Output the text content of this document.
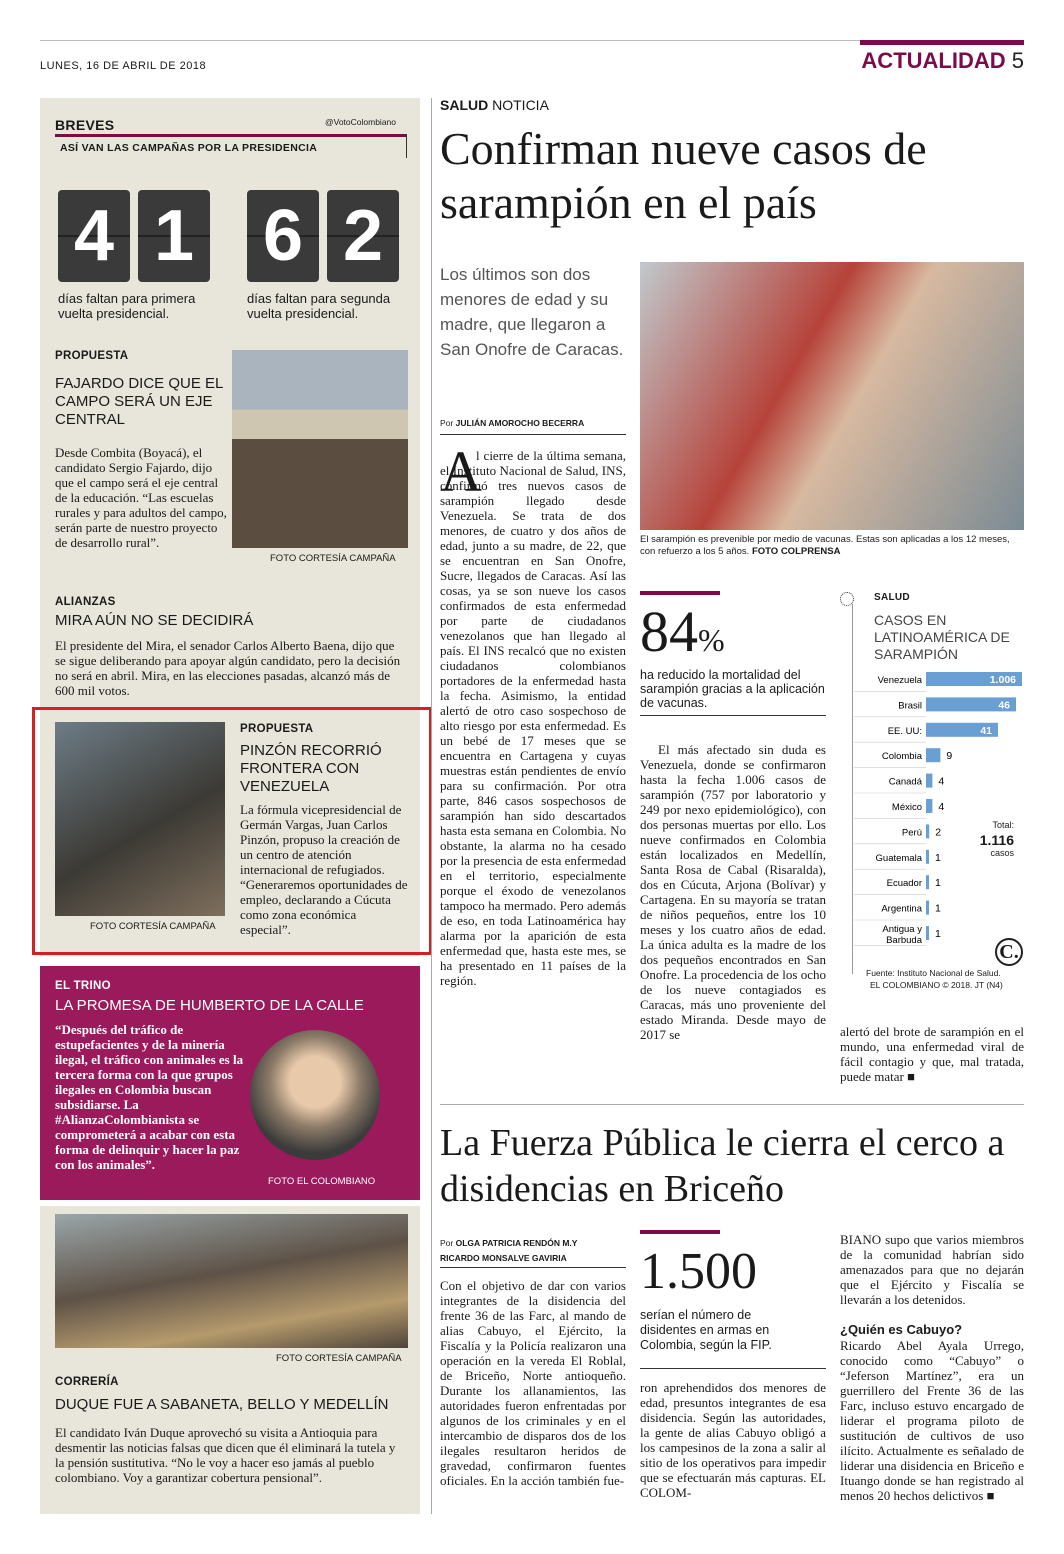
LUNES, 16 DE ABRIL DE 2018	ACTUALIDAD 5
BREVES	@VotoColombiano
ASÍ VAN LAS CAMPAÑAS POR LA PRESIDENCIA
4 1
días faltan para primera vuelta presidencial.
6 2
días faltan para segunda vuelta presidencial.
PROPUESTA
FAJARDO DICE QUE EL CAMPO SERÁ UN EJE CENTRAL
Desde Combita (Boyacá), el candidato Sergio Fajardo, dijo que el campo será el eje central de la educación. “Las escuelas rurales y para adultos del campo, serán parte de nuestro proyecto de desarrollo rural”.
FOTO CORTESÍA CAMPAÑA
ALIANZAS
MIRA AÚN NO SE DECIDIRÁ
El presidente del Mira, el senador Carlos Alberto Baena, dijo que se sigue deliberando para apoyar algún candidato, pero la decisión no será en abril. Mira, en las elecciones pasadas, alcanzó más de 600 mil votos.
FOTO CORTESÍA CAMPAÑA
PROPUESTA
PINZÓN RECORRIÓ FRONTERA CON VENEZUELA
La fórmula vicepresidencial de Germán Vargas, Juan Carlos Pinzón, propuso la creación de un centro de atención internacional de refugiados. “Generaremos oportunidades de empleo, declarando a Cúcuta como zona económica especial”.
EL TRINO
LA PROMESA DE HUMBERTO DE LA CALLE
“Después del tráfico de estupefacientes y de la minería ilegal, el tráfico con animales es la tercera forma con la que grupos ilegales en Colombia buscan subsidiarse. La #AlianzaColombianista se comprometerá a acabar con esta forma de delinquir y hacer la paz con los animales”.
FOTO EL COLOMBIANO
FOTO CORTESÍA CAMPAÑA
CORRERÍA
DUQUE FUE A SABANETA, BELLO Y MEDELLÍN
El candidato Iván Duque aprovechó su visita a Antioquia para desmentir las noticias falsas que dicen que él eliminará la tutela y la pensión sustitutiva. “No le voy a hacer eso jamás al pueblo colombiano. Voy a garantizar cobertura pensional”.
SALUD NOTICIA
Confirman nueve casos de sarampión en el país
Los últimos son dos menores de edad y su madre, que llegaron a San Onofre de Caracas.
Por JULIÁN AMOROCHO BECERRA
El sarampión es prevenible por medio de vacunas. Estas son aplicadas a los 12 meses, con refuerzo a los 5 años. FOTO COLPRENSA
A
l cierre de la última semana, el Instituto Nacional de Salud, INS, confirmó tres nuevos casos de sarampión llegado desde Venezuela. Se trata de dos menores, de cuatro y dos años de edad, junto a su madre, de 22, que se encuentran en San Onofre, Sucre, llegados de Caracas. Así las cosas, ya se son nueve los casos confirmados de esta enfermedad por parte de ciudadanos venezolanos que han llegado al país. El INS recalcó que no existen ciudadanos colombianos portadores de la enfermedad hasta la fecha. Asimismo, la entidad alertó de otro caso sospechoso de alto riesgo por esta enfermedad. Es un bebé de 17 meses que se encuentra en Cartagena y cuyas muestras están pendientes de envío para su confirmación. Por otra parte, 846 casos sospechosos de sarampión han sido descartados hasta esta semana en Colombia. No obstante, la alarma no ha cesado por la presencia de esta enfermedad en el territorio, especialmente porque el éxodo de venezolanos tampoco ha mermado. Pero además de eso, en toda Latinoamérica hay alarma por la aparición de esta enfermedad que, hasta este mes, se ha presentado en 11 países de la región.
84%
ha reducido la mortalidad del sarampión gracias a la aplicación de vacunas.
El más afectado sin duda es Venezuela, donde se confirmaron hasta la fecha 1.006 casos de sarampión (757 por laboratorio y 249 por nexo epidemiológico), con dos personas muertas por ello. Los nueve confirmados en Colombia están localizados en Medellín, Santa Rosa de Cabal (Risaralda), dos en Cúcuta, Arjona (Bolívar) y Cartagena. En su mayoría se tratan de niños pequeños, entre los 10 meses y los cuatro años de edad. La única adulta es la madre de los dos pequeños encontrados en San Onofre. La procedencia de los ocho de los nueve contagiados es Caracas, más uno proveniente del estado Miranda. Desde mayo de 2017 se	alertó del brote de sarampión en el mundo, una enfermedad viral de fácil contagio y que, mal tratada, puede matar ■
SALUD
CASOS EN LATINOAMÉRICA DE SARAMPIÓN
Venezuela	1.006
Brasil	46
EE. UU:	41
Colombia 9
Canadá 4
México 4
Perú 2
Guatemala 1
Ecuador 1
Argentina 1
Antigua y Barbuda
1
Total:
1.116
casos
C.
Fuente: Instituto Nacional de Salud.
EL COLOMBIANO © 2018. JT (N4)
La Fuerza Pública le cierra el cerco a disidencias en Briceño
Por OLGA PATRICIA RENDÓN M.Y
RICARDO MONSALVE GAVIRIA
Con el objetivo de dar con varios integrantes de la disidencia del frente 36 de las Farc, al mando de alias Cabuyo, el Ejército, la Fiscalía y la Policía realizaron una operación en la vereda El Roblal, de Briceño, Norte antioqueño. Durante los allanamientos, las autoridades fueron enfrentadas por algunos de los criminales y en el intercambio de disparos dos de los ilegales resultaron heridos de gravedad, confirmaron fuentes oficiales. En la acción también fue-
1.500
serían el número de disidentes en armas en Colombia, según la FIP.
ron aprehendidos dos menores de edad, presuntos integrantes de esa disidencia. Según las autoridades, la gente de alias Cabuyo obligó a los campesinos de la zona a salir al sitio de los operativos para impedir que se efectuarán más capturas. EL COLOM-
BIANO supo que varios miembros de la comunidad habrían sido amenazados para que no dejarán que el Ejército y Fiscalía se llevarán a los detenidos.
¿Quién es Cabuyo?
Ricardo Abel Ayala Urrego, conocido como “Cabuyo” o “Jeferson Martínez”, era un guerrillero del Frente 36 de las Farc, incluso estuvo encargado de liderar el programa piloto de sustitución de cultivos de uso ilícito. Actualmente es señalado de liderar una disidencia en Briceño e Ituango donde se han registrado al menos 20 hechos delictivos ■
